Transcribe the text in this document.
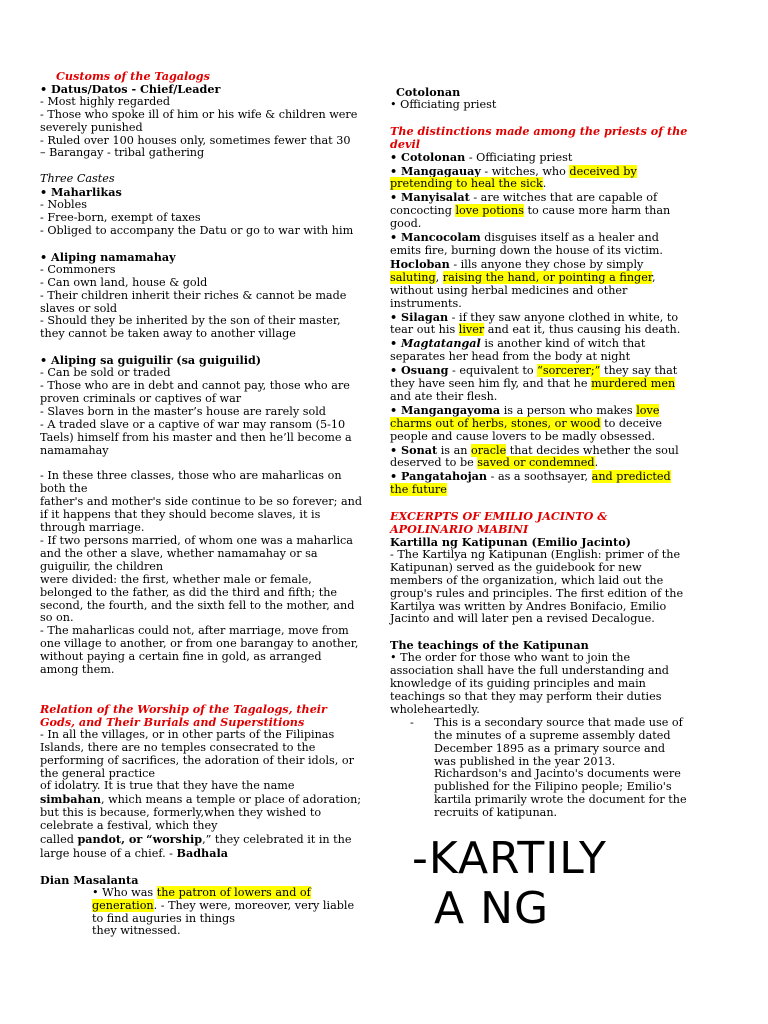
Customs of the Tagalogs

• Datus/Datos - Chief/Leader

- Most highly regarded

- Those who spoke ill of him or his wife & children were severely punished

- Ruled over 100 houses only, sometimes fewer that 30

– Barangay - tribal gathering

Three Castes

• Maharlikas

- Nobles

- Free-born, exempt of taxes

- Obliged to accompany the Datu or go to war with him

• Aliping namamahay

- Commoners

- Can own land, house & gold

- Their children inherit their riches & cannot be made slaves or sold

- Should they be inherited by the son of their master, they cannot be taken away to another village

• Aliping sa guiguilir (sa guiguilid)

- Can be sold or traded

- Those who are in debt and cannot pay, those who are proven criminals or captives of war

- Slaves born in the master’s house are rarely sold

- A traded slave or a captive of war may ransom (5-10 Taels) himself from his master and then he’ll become a namamahay

- In these three classes, those who are maharlicas on both the

father's and mother's side continue to be so forever; and if it happens that they should become slaves, it is through marriage.

- If two persons married, of whom one was a maharlica and the other a slave, whether namamahay or sa guiguilir, the children

were divided: the first, whether male or female, belonged to the father, as did the third and fifth; the second, the fourth, and the sixth fell to the mother, and so on.

- The maharlicas could not, after marriage, move from one village to another, or from one barangay to another, without paying a certain fine in gold, as arranged among them.

Relation of the Worship of the Tagalogs, their Gods, and Their Burials and Superstitions

- In all the villages, or in other parts of the Filipinas Islands, there are no temples consecrated to the performing of sacrifices, the adoration of their idols, or the general practice

of idolatry. It is true that they have the name simbahan, which means a temple or place of adoration; but this is because, formerly,when they wished to celebrate a festival, which they

called pandot, or “worship,” they celebrated it in the large house of a chief. - Badhala

Dian Masalanta

• Who was the patron of lowers and of generation. - They were, moreover, very liable to find auguries in things

they witnessed.

Cotolonan

• Officiating priest

The distinctions made among the priests of the devil

• Cotolonan - Officiating priest

• Mangagauay - witches, who deceived by pretending to heal the sick.

• Manyisalat - are witches that are capable of concocting love potions to cause more harm than good.

• Mancocolam disguises itself as a healer and emits fire, burning down the house of its victim.

Hocloban - ills anyone they chose by simply saluting, raising the hand, or pointing a finger, without using herbal medicines and other instruments.

• Silagan - if they saw anyone clothed in white, to tear out his liver and eat it, thus causing his death.

• Magtatangal is another kind of witch that separates her head from the body at night

• Osuang - equivalent to “sorcerer;” they say that they have seen him fly, and that he murdered men and ate their flesh.

• Mangangayoma is a person who makes love charms out of herbs, stones, or wood to deceive people and cause lovers to be madly obsessed.

• Sonat is an oracle that decides whether the soul deserved to be saved or condemned.

• Pangatahojan - as a soothsayer, and predicted the future

EXCERPTS OF EMILIO JACINTO & APOLINARIO MABINI

Kartilla ng Katipunan (Emilio Jacinto)

- The Kartilya ng Katipunan (English: primer of the Katipunan) served as the guidebook for new members of the organization, which laid out the group's rules and principles. The first edition of the Kartilya was written by Andres Bonifacio, Emilio Jacinto and will later pen a revised Decalogue.

The teachings of the Katipunan

• The order for those who want to join the association shall have the full understanding and knowledge of its guiding principles and main teachings so that they may perform their duties wholeheartedly.

-	This is a secondary source that made use of the minutes of a supreme assembly dated December 1895 as a primary source and was published in the year 2013. Richardson's and Jacinto's documents were published for the Filipino people; Emilio's kartila primarily wrote the document for the recruits of katipunan.
-KARTILY
A NG
